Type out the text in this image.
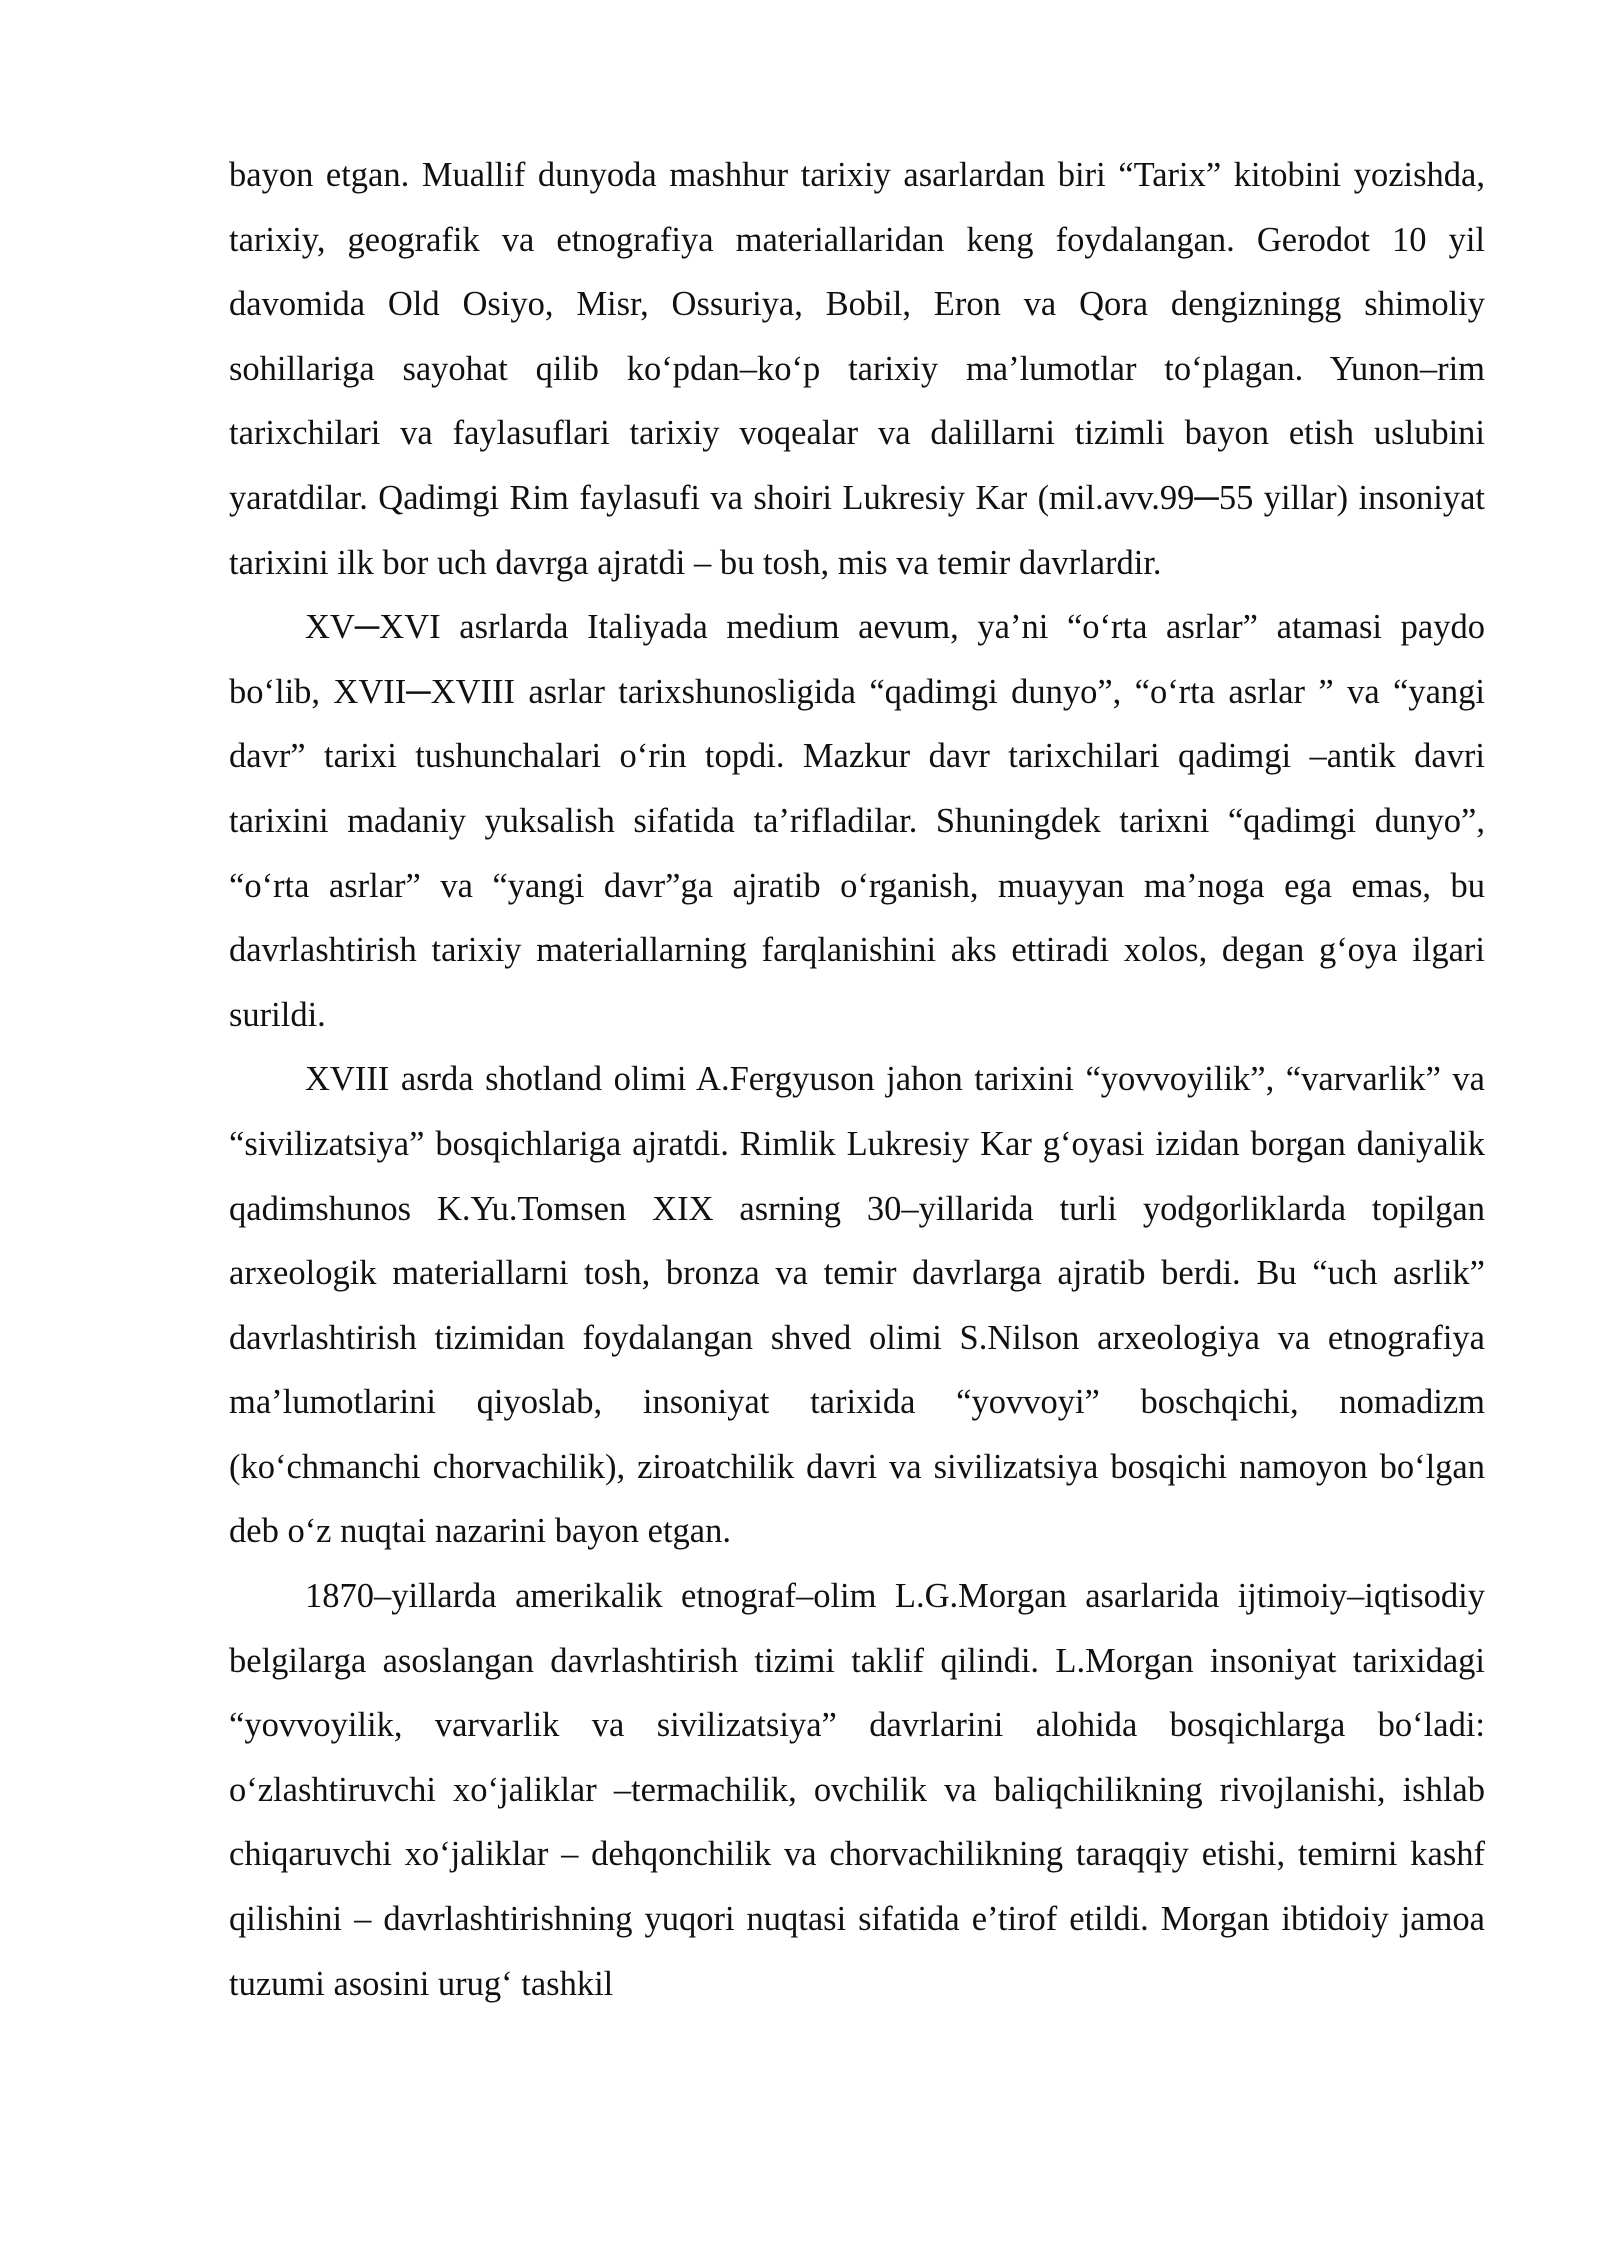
bayon etgan. Muallif dunyoda mashhur tarixiy asarlardan biri “Tarix” kitobini yozishda, tarixiy, geografik va etnografiya materiallaridan keng foydalangan. Gerodot 10 yil davomida Old Osiyo, Misr, Ossuriya, Bobil, Eron va Qora dengizningg shimoliy sohillariga sayohat qilib ko‘pdan–ko‘p tarixiy ma’lumotlar to‘plagan. Yunon–rim tarixchilari va faylasuflari tarixiy voqealar va dalillarni tizimli bayon etish uslubini yaratdilar. Qadimgi Rim faylasufi va shoiri Lukresiy Kar (mil.avv.99─55 yillar) insoniyat tarixini ilk bor uch davrga ajratdi – bu tosh, mis va temir davrlardir.

XV─XVI asrlarda Italiyada medium aevum, ya’ni “o‘rta asrlar” atamasi paydo bo‘lib, XVII─XVIII asrlar tarixshunosligida “qadimgi dunyo”, “o‘rta asrlar ” va “yangi davr” tarixi tushunchalari o‘rin topdi. Mazkur davr tarixchilari qadimgi –antik davri tarixini madaniy yuksalish sifatida ta’rifladilar. Shuningdek tarixni “qadimgi dunyo”, “o‘rta asrlar” va “yangi davr”ga ajratib o‘rganish, muayyan ma’noga ega emas, bu davrlashtirish tarixiy materiallarning farqlanishini aks ettiradi xolos, degan g‘oya ilgari surildi.

XVIII asrda shotland olimi A.Fergyuson jahon tarixini “yovvoyilik”, “varvarlik” va “sivilizatsiya” bosqichlariga ajratdi. Rimlik Lukresiy Kar g‘oyasi izidan borgan daniyalik qadimshunos K.Yu.Tomsen XIX asrning 30–yillarida turli yodgorliklarda topilgan arxeologik materiallarni tosh, bronza va temir davrlarga ajratib berdi. Bu “uch asrlik” davrlashtirish tizimidan foydalangan shved olimi S.Nilson arxeologiya va etnografiya ma’lumotlarini qiyoslab, insoniyat tarixida “yovvoyi” boschqichi, nomadizm (ko‘chmanchi chorvachilik), ziroatchilik davri va sivilizatsiya bosqichi namoyon bo‘lgan deb o‘z nuqtai nazarini bayon etgan.

1870–yillarda amerikalik etnograf–olim L.G.Morgan asarlarida ijtimoiy–iqtisodiy belgilarga asoslangan davrlashtirish tizimi taklif qilindi. L.Morgan insoniyat tarixidagi “yovvoyilik, varvarlik va sivilizatsiya” davrlarini alohida bosqichlarga bo‘ladi: o‘zlashtiruvchi xo‘jaliklar –termachilik, ovchilik va baliqchilikning rivojlanishi, ishlab chiqaruvchi xo‘jaliklar – dehqonchilik va chorvachilikning taraqqiy etishi, temirni kashf qilishini – davrlashtirishning yuqori nuqtasi sifatida e’tirof etildi. Morgan ibtidoiy jamoa tuzumi asosini urug‘ tashkil
